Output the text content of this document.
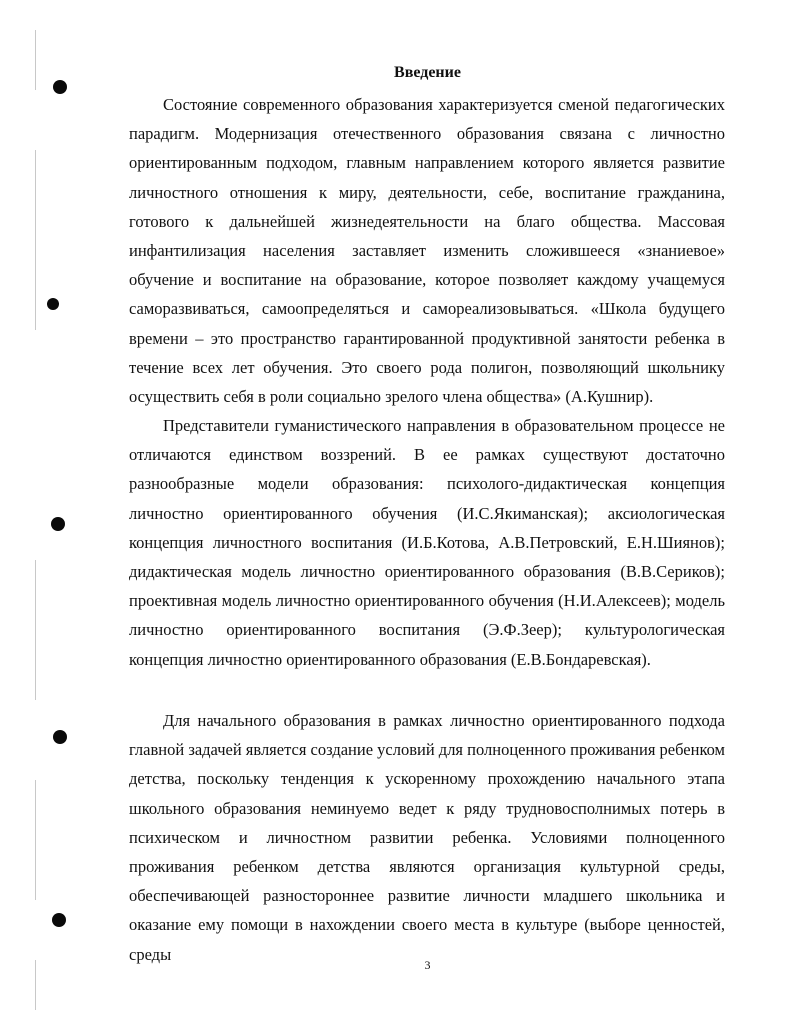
Введение

Состояние современного образования характеризуется сменой педагогических парадигм. Модернизация отечественного образования связана с личностно ориентированным подходом, главным направлением которого является развитие личностного отношения к миру, деятельности, себе, воспитание гражданина, готового к дальнейшей жизнедеятельности на благо общества. Массовая инфантилизация населения заставляет изменить сложившееся «знаниевое» обучение и воспитание на образование, которое позволяет каждому учащемуся саморазвиваться, самоопределяться и самореализовываться. «Школа будущего времени – это пространство гарантированной продуктивной занятости ребенка в течение всех лет обучения. Это своего рода полигон, позволяющий школьнику осуществить себя в роли социально зрелого члена общества» (А.Кушнир).

Представители гуманистического направления в образовательном процессе не отличаются единством воззрений. В ее рамках существуют достаточно разнообразные модели образования: психолого-дидактическая концепция личностно ориентированного обучения (И.С.Якиманская); аксиологическая концепция личностного воспитания (И.Б.Котова, А.В.Петровский, Е.Н.Шиянов); дидактическая модель личностно ориентированного образования (В.В.Сериков); проективная модель личностно ориентированного обучения (Н.И.Алексеев); модель личностно ориентированного воспитания (Э.Ф.Зеер); культурологическая концепция личностно ориентированного образования (Е.В.Бондаревская).

Для начального образования в рамках личностно ориентированного подхода главной задачей является создание условий для полноценного проживания ребенком детства, поскольку тенденция к ускоренному прохождению начального этапа школьного образования неминуемо ведет к ряду трудновосполнимых потерь в психическом и личностном развитии ребенка. Условиями полноценного проживания ребенком детства являются организация культурной среды, обеспечивающей разностороннее развитие личности младшего школьника и оказание ему помощи в нахождении своего места в культуре (выборе ценностей, среды

3
